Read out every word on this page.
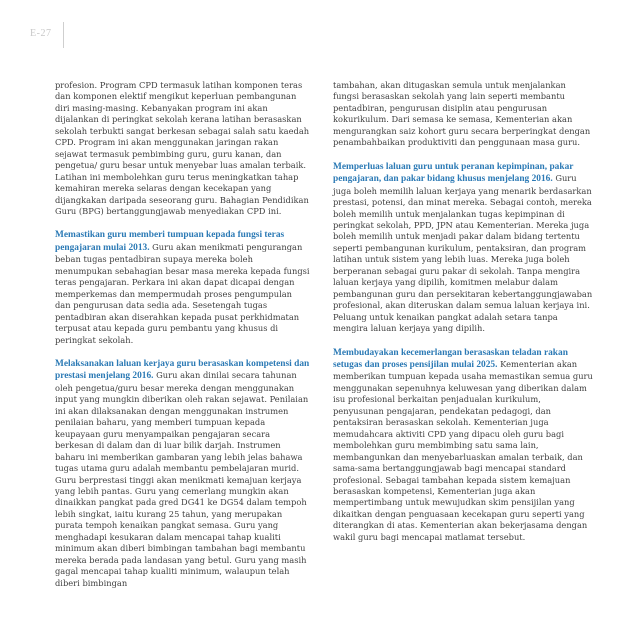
E-27

profesion. Program CPD termasuk latihan komponen teras dan komponen elektif mengikut keperluan pembangunan diri masing-masing. Kebanyakan program ini akan dijalankan di peringkat sekolah kerana latihan berasaskan sekolah terbukti sangat berkesan sebagai salah satu kaedah CPD. Program ini akan menggunakan jaringan rakan sejawat termasuk pembimbing guru, guru kanan, dan pengetua/ guru besar untuk menyebar luas amalan terbaik. Latihan ini membolehkan guru terus meningkatkan tahap kemahiran mereka selaras dengan kecekapan yang dijangkakan daripada seseorang guru. Bahagian Pendidikan Guru (BPG) bertanggungjawab menyediakan CPD ini.

Memastikan guru memberi tumpuan kepada fungsi teras pengajaran mulai 2013. Guru akan menikmati pengurangan beban tugas pentadbiran supaya mereka boleh menumpukan sebahagian besar masa mereka kepada fungsi teras pengajaran. Perkara ini akan dapat dicapai dengan memperkemas dan mempermudah proses pengumpulan dan pengurusan data sedia ada. Sesetengah tugas pentadbiran akan diserahkan kepada pusat perkhidmatan terpusat atau kepada guru pembantu yang khusus di peringkat sekolah.

Melaksanakan laluan kerjaya guru berasaskan kompetensi dan prestasi menjelang 2016. Guru akan dinilai secara tahunan oleh pengetua/guru besar mereka dengan menggunakan input yang mungkin diberikan oleh rakan sejawat. Penilaian ini akan dilaksanakan dengan menggunakan instrumen penilaian baharu, yang memberi tumpuan kepada keupayaan guru menyampaikan pengajaran secara berkesan di dalam dan di luar bilik darjah. Instrumen baharu ini memberikan gambaran yang lebih jelas bahawa tugas utama guru adalah membantu pembelajaran murid. Guru berprestasi tinggi akan menikmati kemajuan kerjaya yang lebih pantas. Guru yang cemerlang mungkin akan dinaikkan pangkat pada gred DG41 ke DG54 dalam tempoh lebih singkat, iaitu kurang 25 tahun, yang merupakan purata tempoh kenaikan pangkat semasa. Guru yang menghadapi kesukaran dalam mencapai tahap kualiti minimum akan diberi bimbingan tambahan bagi membantu mereka berada pada landasan yang betul. Guru yang masih gagal mencapai tahap kualiti minimum, walaupun telah diberi bimbingan

tambahan, akan ditugaskan semula untuk menjalankan fungsi berasaskan sekolah yang lain seperti membantu pentadbiran, pengurusan disiplin atau pengurusan kokurikulum. Dari semasa ke semasa, Kementerian akan mengurangkan saiz kohort guru secara berperingkat dengan penambahbaikan produktiviti dan penggunaan masa guru.

Memperluas laluan guru untuk peranan kepimpinan, pakar pengajaran, dan pakar bidang khusus menjelang 2016. Guru juga boleh memilih laluan kerjaya yang menarik berdasarkan prestasi, potensi, dan minat mereka. Sebagai contoh, mereka boleh memilih untuk menjalankan tugas kepimpinan di peringkat sekolah, PPD, JPN atau Kementerian. Mereka juga boleh memilih untuk menjadi pakar dalam bidang tertentu seperti pembangunan kurikulum, pentaksiran, dan program latihan untuk sistem yang lebih luas. Mereka juga boleh berperanan sebagai guru pakar di sekolah. Tanpa mengira laluan kerjaya yang dipilih, komitmen melabur dalam pembangunan guru dan persekitaran kebertanggungjawaban profesional, akan diteruskan dalam semua laluan kerjaya ini. Peluang untuk kenaikan pangkat adalah setara tanpa mengira laluan kerjaya yang dipilih.

Membudayakan kecemerlangan berasaskan teladan rakan setugas dan proses pensijilan mulai 2025. Kementerian akan memberikan tumpuan kepada usaha memastikan semua guru menggunakan sepenuhnya keluwesan yang diberikan dalam isu profesional berkaitan penjadualan kurikulum, penyusunan pengajaran, pendekatan pedagogi, dan pentaksiran berasaskan sekolah. Kementerian juga memudahcara aktiviti CPD yang dipacu oleh guru bagi membolehkan guru membimbing satu sama lain, membangunkan dan menyebarluaskan amalan terbaik, dan sama-sama bertanggungjawab bagi mencapai standard profesional. Sebagai tambahan kepada sistem kemajuan berasaskan kompetensi, Kementerian juga akan mempertimbang untuk mewujudkan skim pensijilan yang dikaitkan dengan penguasaan kecekapan guru seperti yang diterangkan di atas. Kementerian akan bekerjasama dengan wakil guru bagi mencapai matlamat tersebut.
